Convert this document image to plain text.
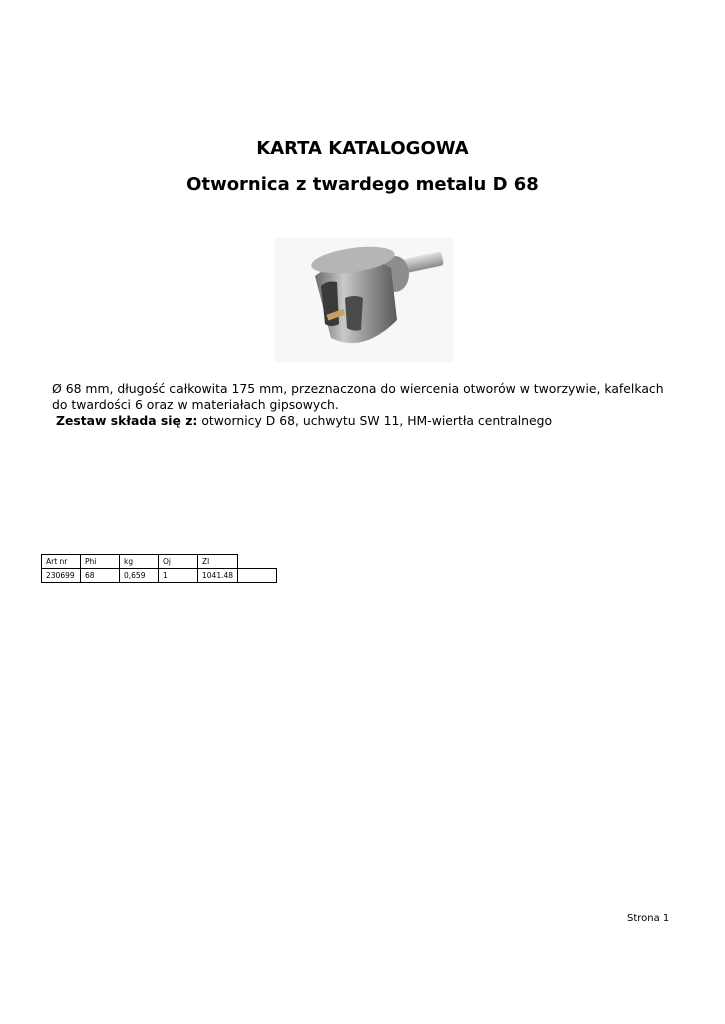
KARTA KATALOGOWA
Otwornica z twardego metalu D 68
Ø 68 mm, długość całkowita 175 mm, przeznaczona do wiercenia otworów w tworzywie, kafelkach
do twardości 6 oraz w materiałach gipsowych.
Zestaw składa się z: otwornicy D 68, uchwytu SW 11, HM-wiertła centralnego
Art nr	Phi	kg	Oj	Zl	
230699	68	0,659	1	1041.48	
Strona 1
